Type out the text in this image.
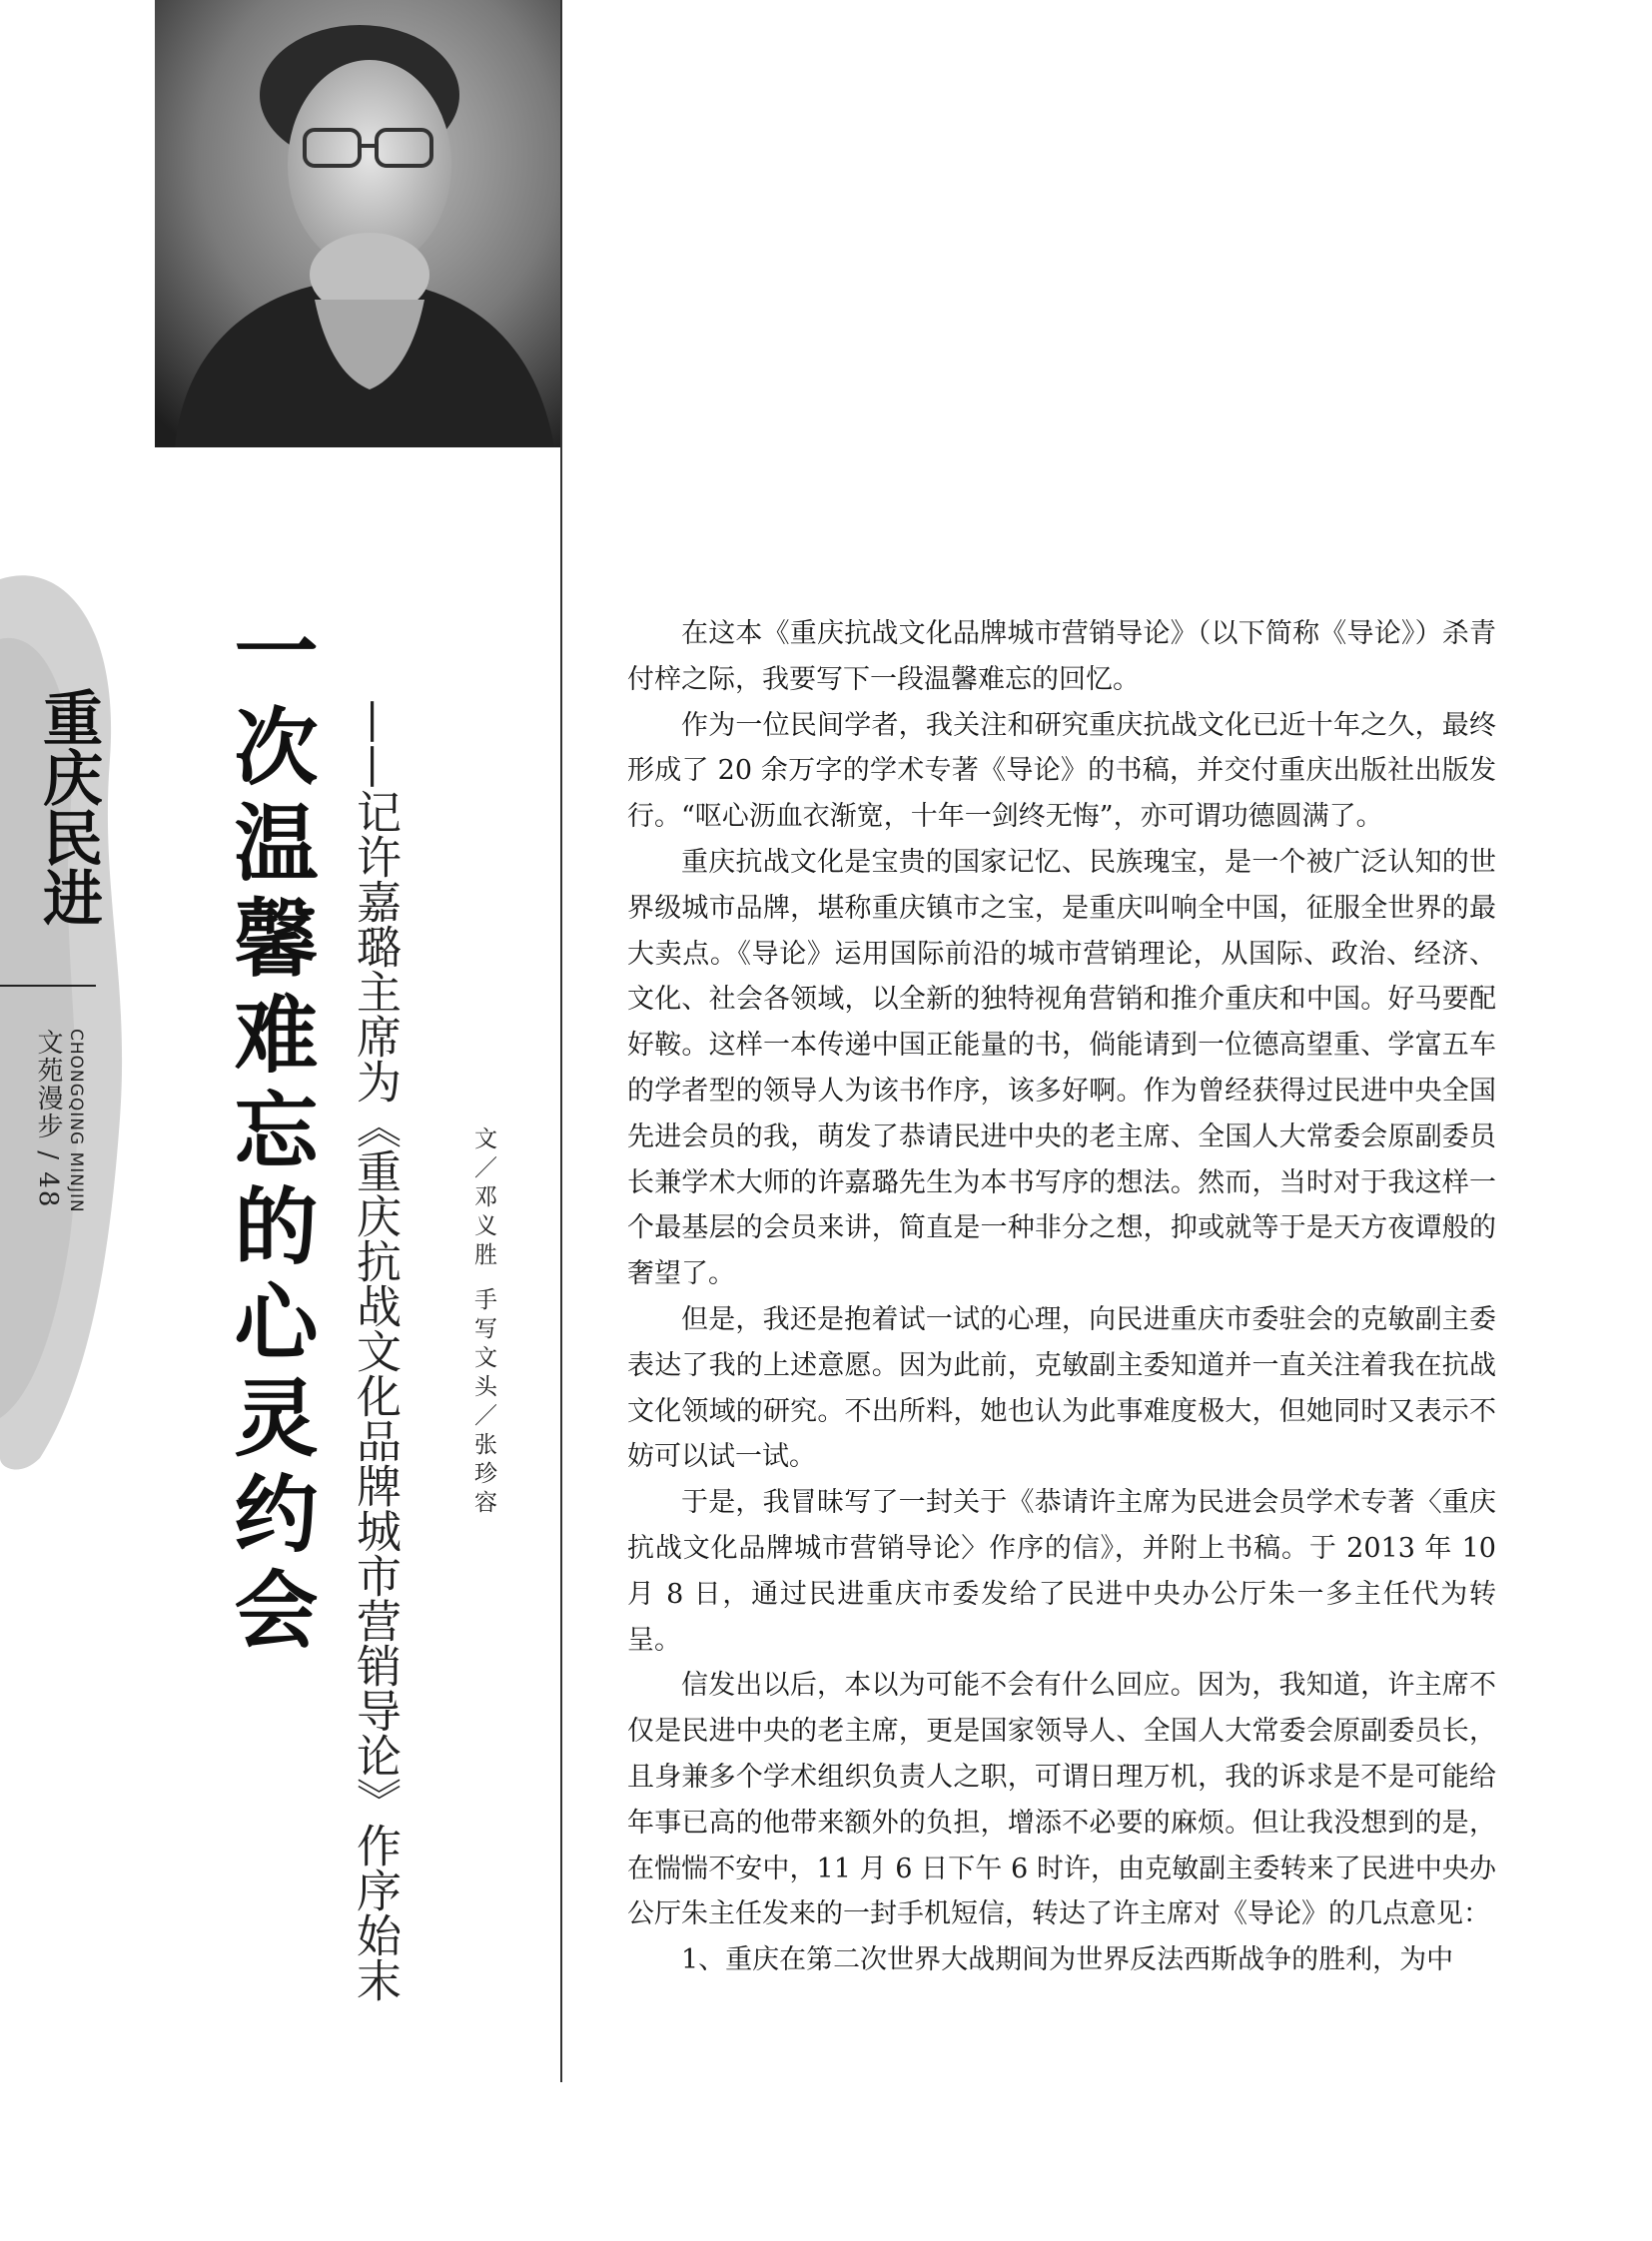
重庆民进
文苑漫步 / 48 CHONGQING MINJIN 一次温馨难忘的心灵约会 ——记许嘉璐主席为《重庆抗战文化品牌城市营销导论》作序始末	文／邓义胜
手写文头／张珍容

在这本《重庆抗战文化品牌城市营销导论》（以下简称《导论》）杀青付梓之际，我要写下一段温馨难忘的回忆。

作为一位民间学者，我关注和研究重庆抗战文化已近十年之久，最终形成了 20 余万字的学术专著《导论》的书稿，并交付重庆出版社出版发行。“呕心沥血衣渐宽，十年一剑终无悔”，亦可谓功德圆满了。

重庆抗战文化是宝贵的国家记忆、民族瑰宝，是一个被广泛认知的世界级城市品牌，堪称重庆镇市之宝，是重庆叫响全中国，征服全世界的最大卖点。《导论》运用国际前沿的城市营销理论，从国际、政治、经济、文化、社会各领域，以全新的独特视角营销和推介重庆和中国。好马要配好鞍。这样一本传递中国正能量的书，倘能请到一位德高望重、学富五车的学者型的领导人为该书作序，该多好啊。作为曾经获得过民进中央全国先进会员的我，萌发了恭请民进中央的老主席、全国人大常委会原副委员长兼学术大师的许嘉璐先生为本书写序的想法。然而，当时对于我这样一个最基层的会员来讲，简直是一种非分之想，抑或就等于是天方夜谭般的奢望了。

但是，我还是抱着试一试的心理，向民进重庆市委驻会的克敏副主委表达了我的上述意愿。因为此前，克敏副主委知道并一直关注着我在抗战文化领域的研究。不出所料，她也认为此事难度极大，但她同时又表示不妨可以试一试。

于是，我冒昧写了一封关于《恭请许主席为民进会员学术专著〈重庆抗战文化品牌城市营销导论〉作序的信》，并附上书稿。于 2013 年 10 月 8 日，通过民进重庆市委发给了民进中央办公厅朱一多主任代为转呈。

信发出以后，本以为可能不会有什么回应。因为，我知道，许主席不仅是民进中央的老主席，更是国家领导人、全国人大常委会原副委员长，且身兼多个学术组织负责人之职，可谓日理万机，我的诉求是不是可能给年事已高的他带来额外的负担，增添不必要的麻烦。但让我没想到的是，在惴惴不安中，11 月 6 日下午 6 时许，由克敏副主委转来了民进中央办公厅朱主任发来的一封手机短信，转达了许主席对《导论》的几点意见：

1、重庆在第二次世界大战期间为世界反法西斯战争的胜利，为中
